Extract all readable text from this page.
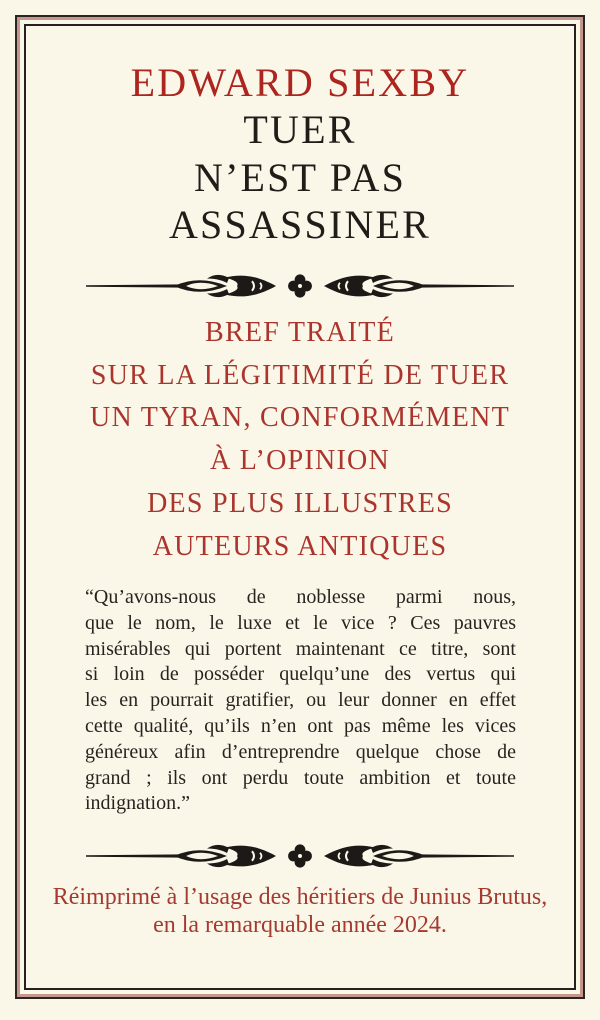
EDWARD SEXBY
TUER
N’EST PAS
ASSASSINER
BREF TRAITÉ
SUR LA LÉGITIMITÉ DE TUER
UN TYRAN, CONFORMÉMENT
À L’OPINION
DES PLUS ILLUSTRES
AUTEURS ANTIQUES
“Qu’avons-nous de noblesse parmi nous,
que le nom, le luxe et le vice ? Ces pauvres
misérables qui portent maintenant ce titre, sont
si loin de posséder quelqu’une des vertus qui
les en pourrait gratifier, ou leur donner en effet
cette qualité, qu’ils n’en ont pas même les vices
généreux afin d’entreprendre quelque chose de
grand ; ils ont perdu toute ambition et toute
indignation.”
Réimprimé à l’usage des héritiers de Junius Brutus,
en la remarquable année 2024.
